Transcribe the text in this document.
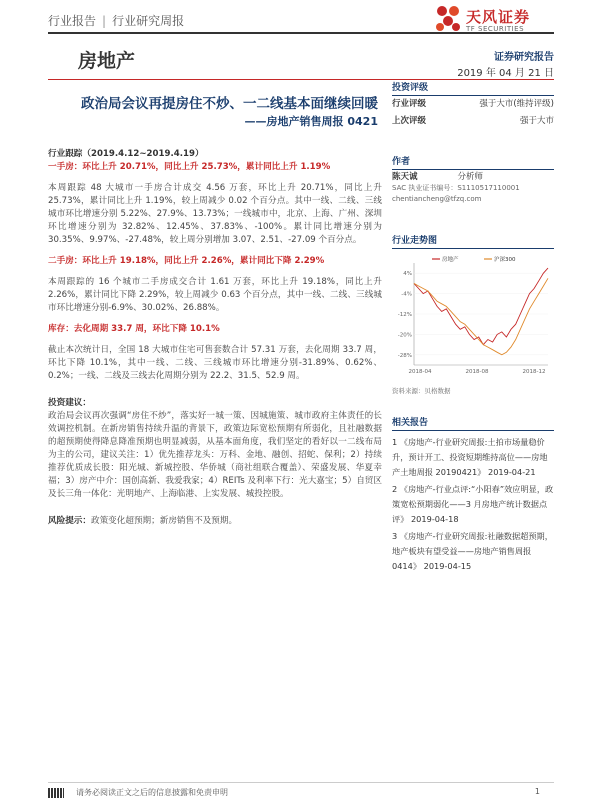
行业报告 | 行业研究周报	天风证券
TF SECURITIES
房地产	证券研究报告
2019 年 04 月 21 日
政治局会议再提房住不炒、一二线基本面继续回暖
——房地产销售周报 0421
行业跟踪（2019.4.12~2019.4.19）
一手房：环比上升 20.71%，同比上升 25.73%，累计同比上升 1.19%
本周跟踪 48 大城市一手房合计成交 4.56 万套，环比上升 20.71%，同比上升 25.73%，累计同比上升 1.19%，较上周减少 0.02 个百分点。其中一线、二线、三线城市环比增速分别 5.22%、27.9%、13.73%；一线城市中，北京、上海、广州、深圳环比增速分别为 32.82%、12.45%、37.83%、-100%。累计同比增速分别为 30.35%、9.97%、-27.48%，较上周分别增加 3.07、2.51、-27.09 个百分点。
二手房：环比上升 19.18%，同比上升 2.26%，累计同比下降 2.29%
本周跟踪的 16 个城市二手房成交合计 1.61 万套，环比上升 19.18%，同比上升 2.26%，累计同比下降 2.29%，较上周减少 0.63 个百分点，其中一线、二线、三线城市环比增速分别-6.9%、30.02%、26.88%。
库存：去化周期 33.7 周，环比下降 10.1%
截止本次统计日，全国 18 大城市住宅可售套数合计 57.31 万套，去化周期 33.7 周，环比下降 10.1%，其中一线、二线、三线城市环比增速分别-31.89%、0.62%、0.2%；一线、二线及三线去化周期分别为 22.2、31.5、52.9 周。
投资建议：
政治局会议再次强调“房住不炒”，落实好一城一策、因城施策、城市政府主体责任的长效调控机制。在新房销售持续升温的背景下，政策边际宽松预期有所弱化，且社融数据的超预期使得降息降准预期也明显减弱，从基本面角度，我们坚定的看好以一二线布局为主的公司，建议关注：1）优先推荐龙头：万科、金地、融创、招蛇、保利；2）持续推荐优质成长股：阳光城、新城控股、华侨城（商社组联合覆盖）、荣盛发展、华夏幸福；3）房产中介：国创高新、我爱我家；4）REITs 及利率下行：光大嘉宝；5）自贸区及长三角一体化：光明地产、上海临港、上实发展、城投控股。
风险提示：政策变化超预期；新房销售不及预期。
投资评级
行业评级	强于大市(维持评级)
上次评级	强于大市
作者
陈天诚	分析师
SAC 执业证书编号：S1110517110001
chentiancheng@tfzq.com
行业走势图
4%
-4%
-12%
-20%
-28%
2018-04	2018-08	2018-12
房地产	沪深300
资料来源：贝格数据
相关报告
1 《房地产-行业研究周报:土拍市场量稳价升，预计开工、投资短期维持高位——房地产土地周报 20190421》 2019-04-21
2 《房地产-行业点评:“小阳春”效应明显，政策宽松预期弱化——3 月房地产统计数据点评》 2019-04-18
3 《房地产-行业研究周报:社融数据超预期，地产板块有望受益——房地产销售周报 0414》 2019-04-15
请务必阅读正文之后的信息披露和免责申明	1
